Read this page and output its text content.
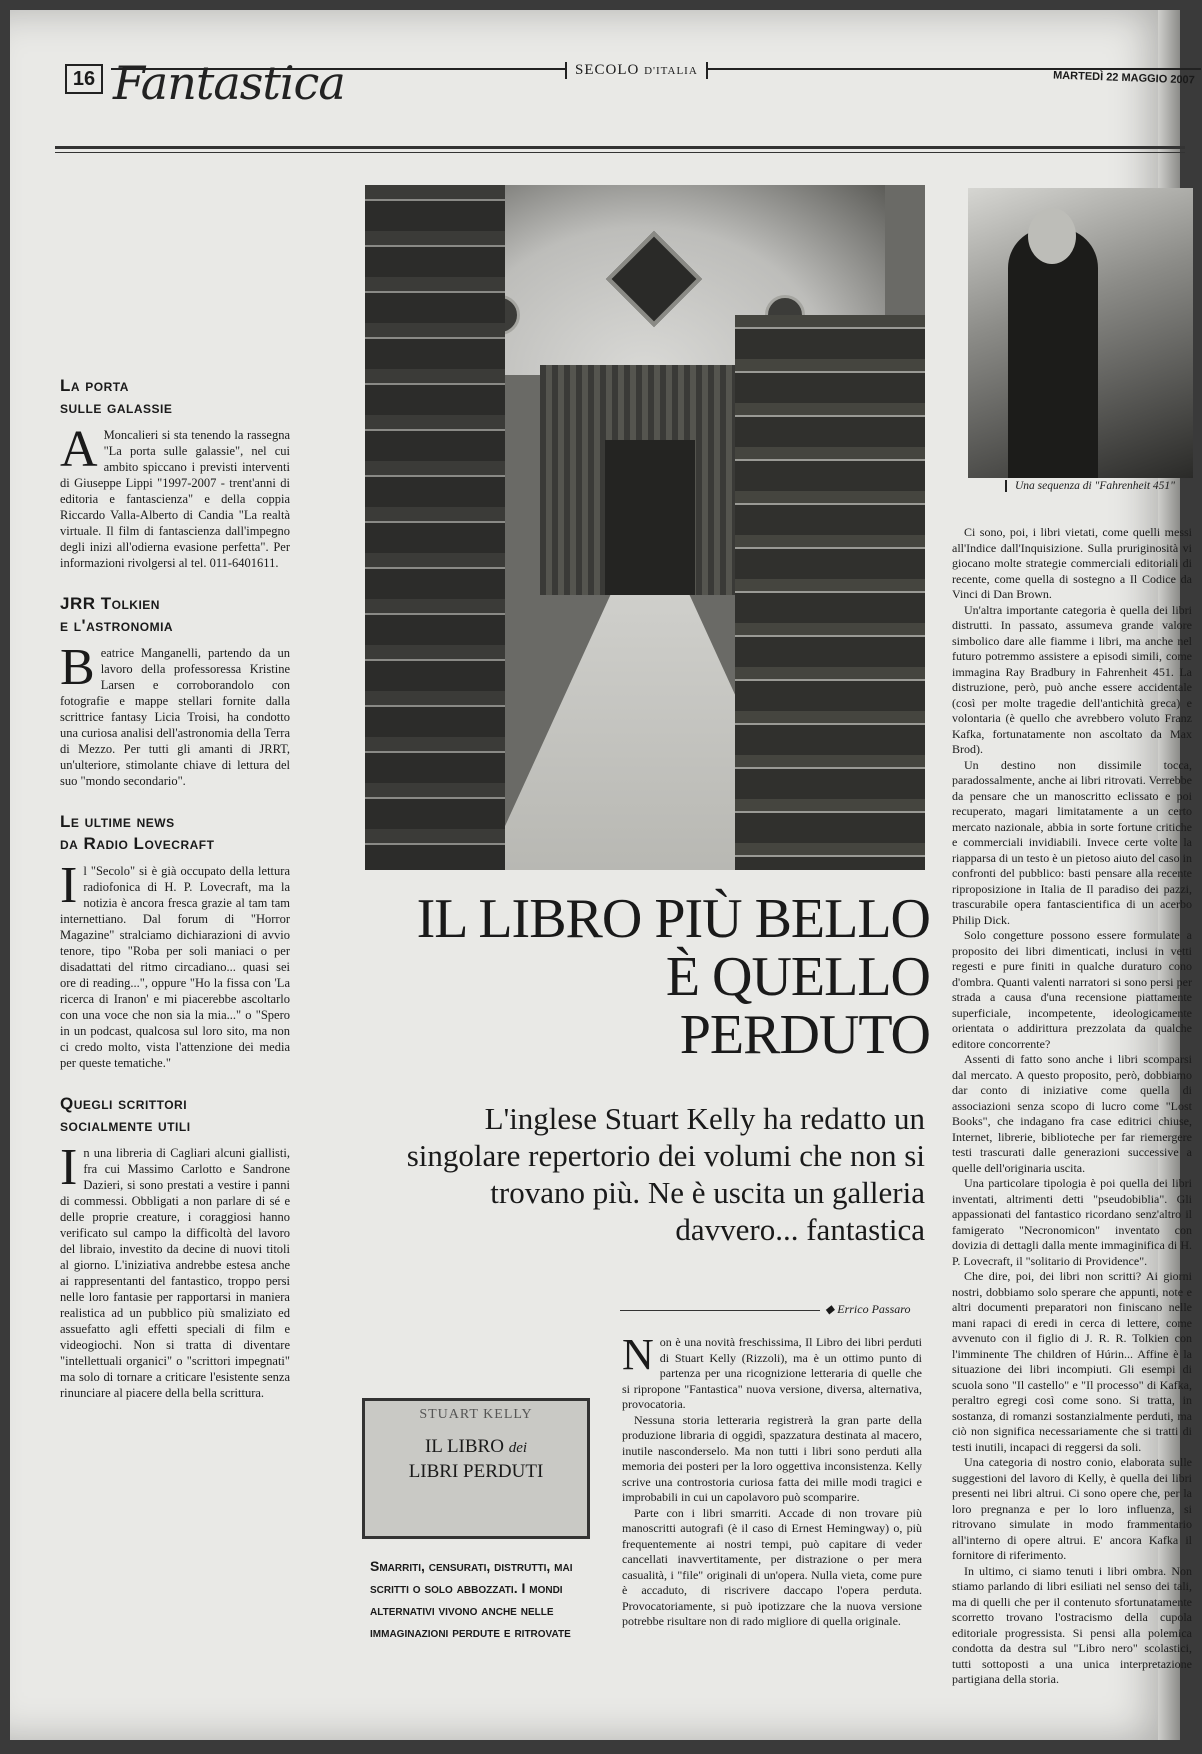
16 Fantastica	SECOLO D'ITALIA	MARTEDÌ 22 MAGGIO 2007
La porta
sulle galassie

A Moncalieri si sta tenendo la rassegna "La porta sulle galassie", nel cui ambito spiccano i previsti interventi di Giuseppe Lippi "1997-2007 - trent'anni di editoria e fantascienza" e della coppia Riccardo Valla-Alberto di Candia "La realtà virtuale. Il film di fantascienza dall'impegno degli inizi all'odierna evasione perfetta". Per informazioni rivolgersi al tel. 011-6401611.

JRR Tolkien
e l'astronomia

Beatrice Manganelli, partendo da un lavoro della professoressa Kristine Larsen e corroborandolo con fotografie e mappe stellari fornite dalla scrittrice fantasy Licia Troisi, ha condotto una curiosa analisi dell'astronomia della Terra di Mezzo. Per tutti gli amanti di JRRT, un'ulteriore, stimolante chiave di lettura del suo "mondo secondario".

Le ultime news
da Radio Lovecraft

Il "Secolo" si è già occupato della lettura radiofonica di H. P. Lovecraft, ma la notizia è ancora fresca grazie al tam tam internettiano. Dal forum di "Horror Magazine" stralciamo dichiarazioni di avvio tenore, tipo "Roba per soli maniaci o per disadattati del ritmo circadiano... quasi sei ore di reading...", oppure "Ho la fissa con 'La ricerca di Iranon' e mi piacerebbe ascoltarlo con una voce che non sia la mia..." o "Spero in un podcast, qualcosa sul loro sito, ma non ci credo molto, vista l'attenzione dei media per queste tematiche."

Quegli scrittori
socialmente utili

In una libreria di Cagliari alcuni giallisti, fra cui Massimo Carlotto e Sandrone Dazieri, si sono prestati a vestire i panni di commessi. Obbligati a non parlare di sé e delle proprie creature, i coraggiosi hanno verificato sul campo la difficoltà del lavoro del libraio, investito da decine di nuovi titoli al giorno. L'iniziativa andrebbe estesa anche ai rappresentanti del fantastico, troppo persi nelle loro fantasie per rapportarsi in maniera realistica ad un pubblico più smaliziato ed assuefatto agli effetti speciali di film e videogiochi. Non si tratta di diventare "intellettuali organici" o "scrittori impegnati" ma solo di tornare a criticare l'esistente senza rinunciare al piacere della bella scrittura.

Una sequenza di "Fahrenheit 451"
IL LIBRO PIÙ BELLO È QUELLO PERDUTO

L'inglese Stuart Kelly ha redatto un singolare repertorio dei volumi che non si trovano più. Ne è uscita un galleria davvero... fantastica

◆ Errico Passaro

Non è una novità freschissima, Il Libro dei libri perduti di Stuart Kelly (Rizzoli), ma è un ottimo punto di partenza per una ricognizione letteraria di quelle che si ripropone "Fantastica" nuova versione, diversa, alternativa, provocatoria.

Nessuna storia letteraria registrerà la gran parte della produzione libraria di oggidì, spazzatura destinata al macero, inutile nasconderselo. Ma non tutti i libri sono perduti alla memoria dei posteri per la loro oggettiva inconsistenza. Kelly scrive una controstoria curiosa fatta dei mille modi tragici e improbabili in cui un capolavoro può scomparire.

Parte con i libri smarriti. Accade di non trovare più manoscritti autografi (è il caso di Ernest Hemingway) o, più frequentemente ai nostri tempi, può capitare di veder cancellati inavvertitamente, per distrazione o per mera casualità, i "file" originali di un'opera. Nulla vieta, come pure è accaduto, di riscrivere daccapo l'opera perduta. Provocatoriamente, si può ipotizzare che la nuova versione potrebbe risultare non di rado migliore di quella originale.

Ci sono, poi, i libri vietati, come quelli messi all'Indice dall'Inquisizione. Sulla pruriginosità vi giocano molte strategie commerciali editoriali di recente, come quella di sostegno a Il Codice da Vinci di Dan Brown.

Un'altra importante categoria è quella dei libri distrutti. In passato, assumeva grande valore simbolico dare alle fiamme i libri, ma anche nel futuro potremmo assistere a episodi simili, come immagina Ray Bradbury in Fahrenheit 451. La distruzione, però, può anche essere accidentale (così per molte tragedie dell'antichità greca) e volontaria (è quello che avrebbero voluto Franz Kafka, fortunatamente non ascoltato da Max Brod).

Un destino non dissimile tocca, paradossalmente, anche ai libri ritrovati. Verrebbe da pensare che un manoscritto eclissato e poi recuperato, magari limitatamente a un certo mercato nazionale, abbia in sorte fortune critiche e commerciali invidiabili. Invece certe volte la riapparsa di un testo è un pietoso aiuto del caso in confronti del pubblico: basti pensare alla recente riproposizione in Italia de Il paradiso dei pazzi, trascurabile opera fantascientifica di un acerbo Philip Dick.

Solo congetture possono essere formulate a proposito dei libri dimenticati, inclusi in vetti regesti e pure finiti in qualche duraturo cono d'ombra. Quanti valenti narratori si sono persi per strada a causa d'una recensione piattamente superficiale, incompetente, ideologicamente orientata o addirittura prezzolata da qualche editore concorrente?

Assenti di fatto sono anche i libri scomparsi dal mercato. A questo proposito, però, dobbiamo dar conto di iniziative come quella di associazioni senza scopo di lucro come "Lost Books", che indagano fra case editrici chiuse, Internet, librerie, biblioteche per far riemergere testi trascurati dalle generazioni successive a quelle dell'originaria uscita.

Una particolare tipologia è poi quella dei libri inventati, altrimenti detti "pseudobiblia". Gli appassionati del fantastico ricordano senz'altro il famigerato "Necronomicon" inventato con dovizia di dettagli dalla mente immaginifica di H. P. Lovecraft, il "solitario di Providence".

Che dire, poi, dei libri non scritti? Ai giorni nostri, dobbiamo solo sperare che appunti, note e altri documenti preparatori non finiscano nelle mani rapaci di eredi in cerca di lettere, come avvenuto con il figlio di J. R. R. Tolkien con l'imminente The children of Húrin... Affine è la situazione dei libri incompiuti. Gli esempi di scuola sono "Il castello" e "Il processo" di Kafka, peraltro egregi così come sono. Si tratta, in sostanza, di romanzi sostanzialmente perduti, ma ciò non significa necessariamente che si tratti di testi inutili, incapaci di reggersi da soli.

Una categoria di nostro conio, elaborata sulle suggestioni del lavoro di Kelly, è quella dei libri presenti nei libri altrui. Ci sono opere che, per la loro pregnanza e per lo loro influenza, si ritrovano simulate in modo frammentario all'interno di opere altrui. E' ancora Kafka il fornitore di riferimento.

In ultimo, ci siamo tenuti i libri ombra. Non stiamo parlando di libri esiliati nel senso dei tali, ma di quelli che per il contenuto sfortunatamente scorretto trovano l'ostracismo della cupola editoriale progressista. Si pensi alla polemica condotta da destra sul "Libro nero" scolastici, tutti sottoposti a una unica interpretazione partigiana della storia.

STUART KELLY
IL LIBRO dei
LIBRI PERDUTI
Smarriti, censurati, distrutti, mai scritti o solo abbozzati. I mondi alternativi vivono anche nelle immaginazioni perdute e ritrovate
